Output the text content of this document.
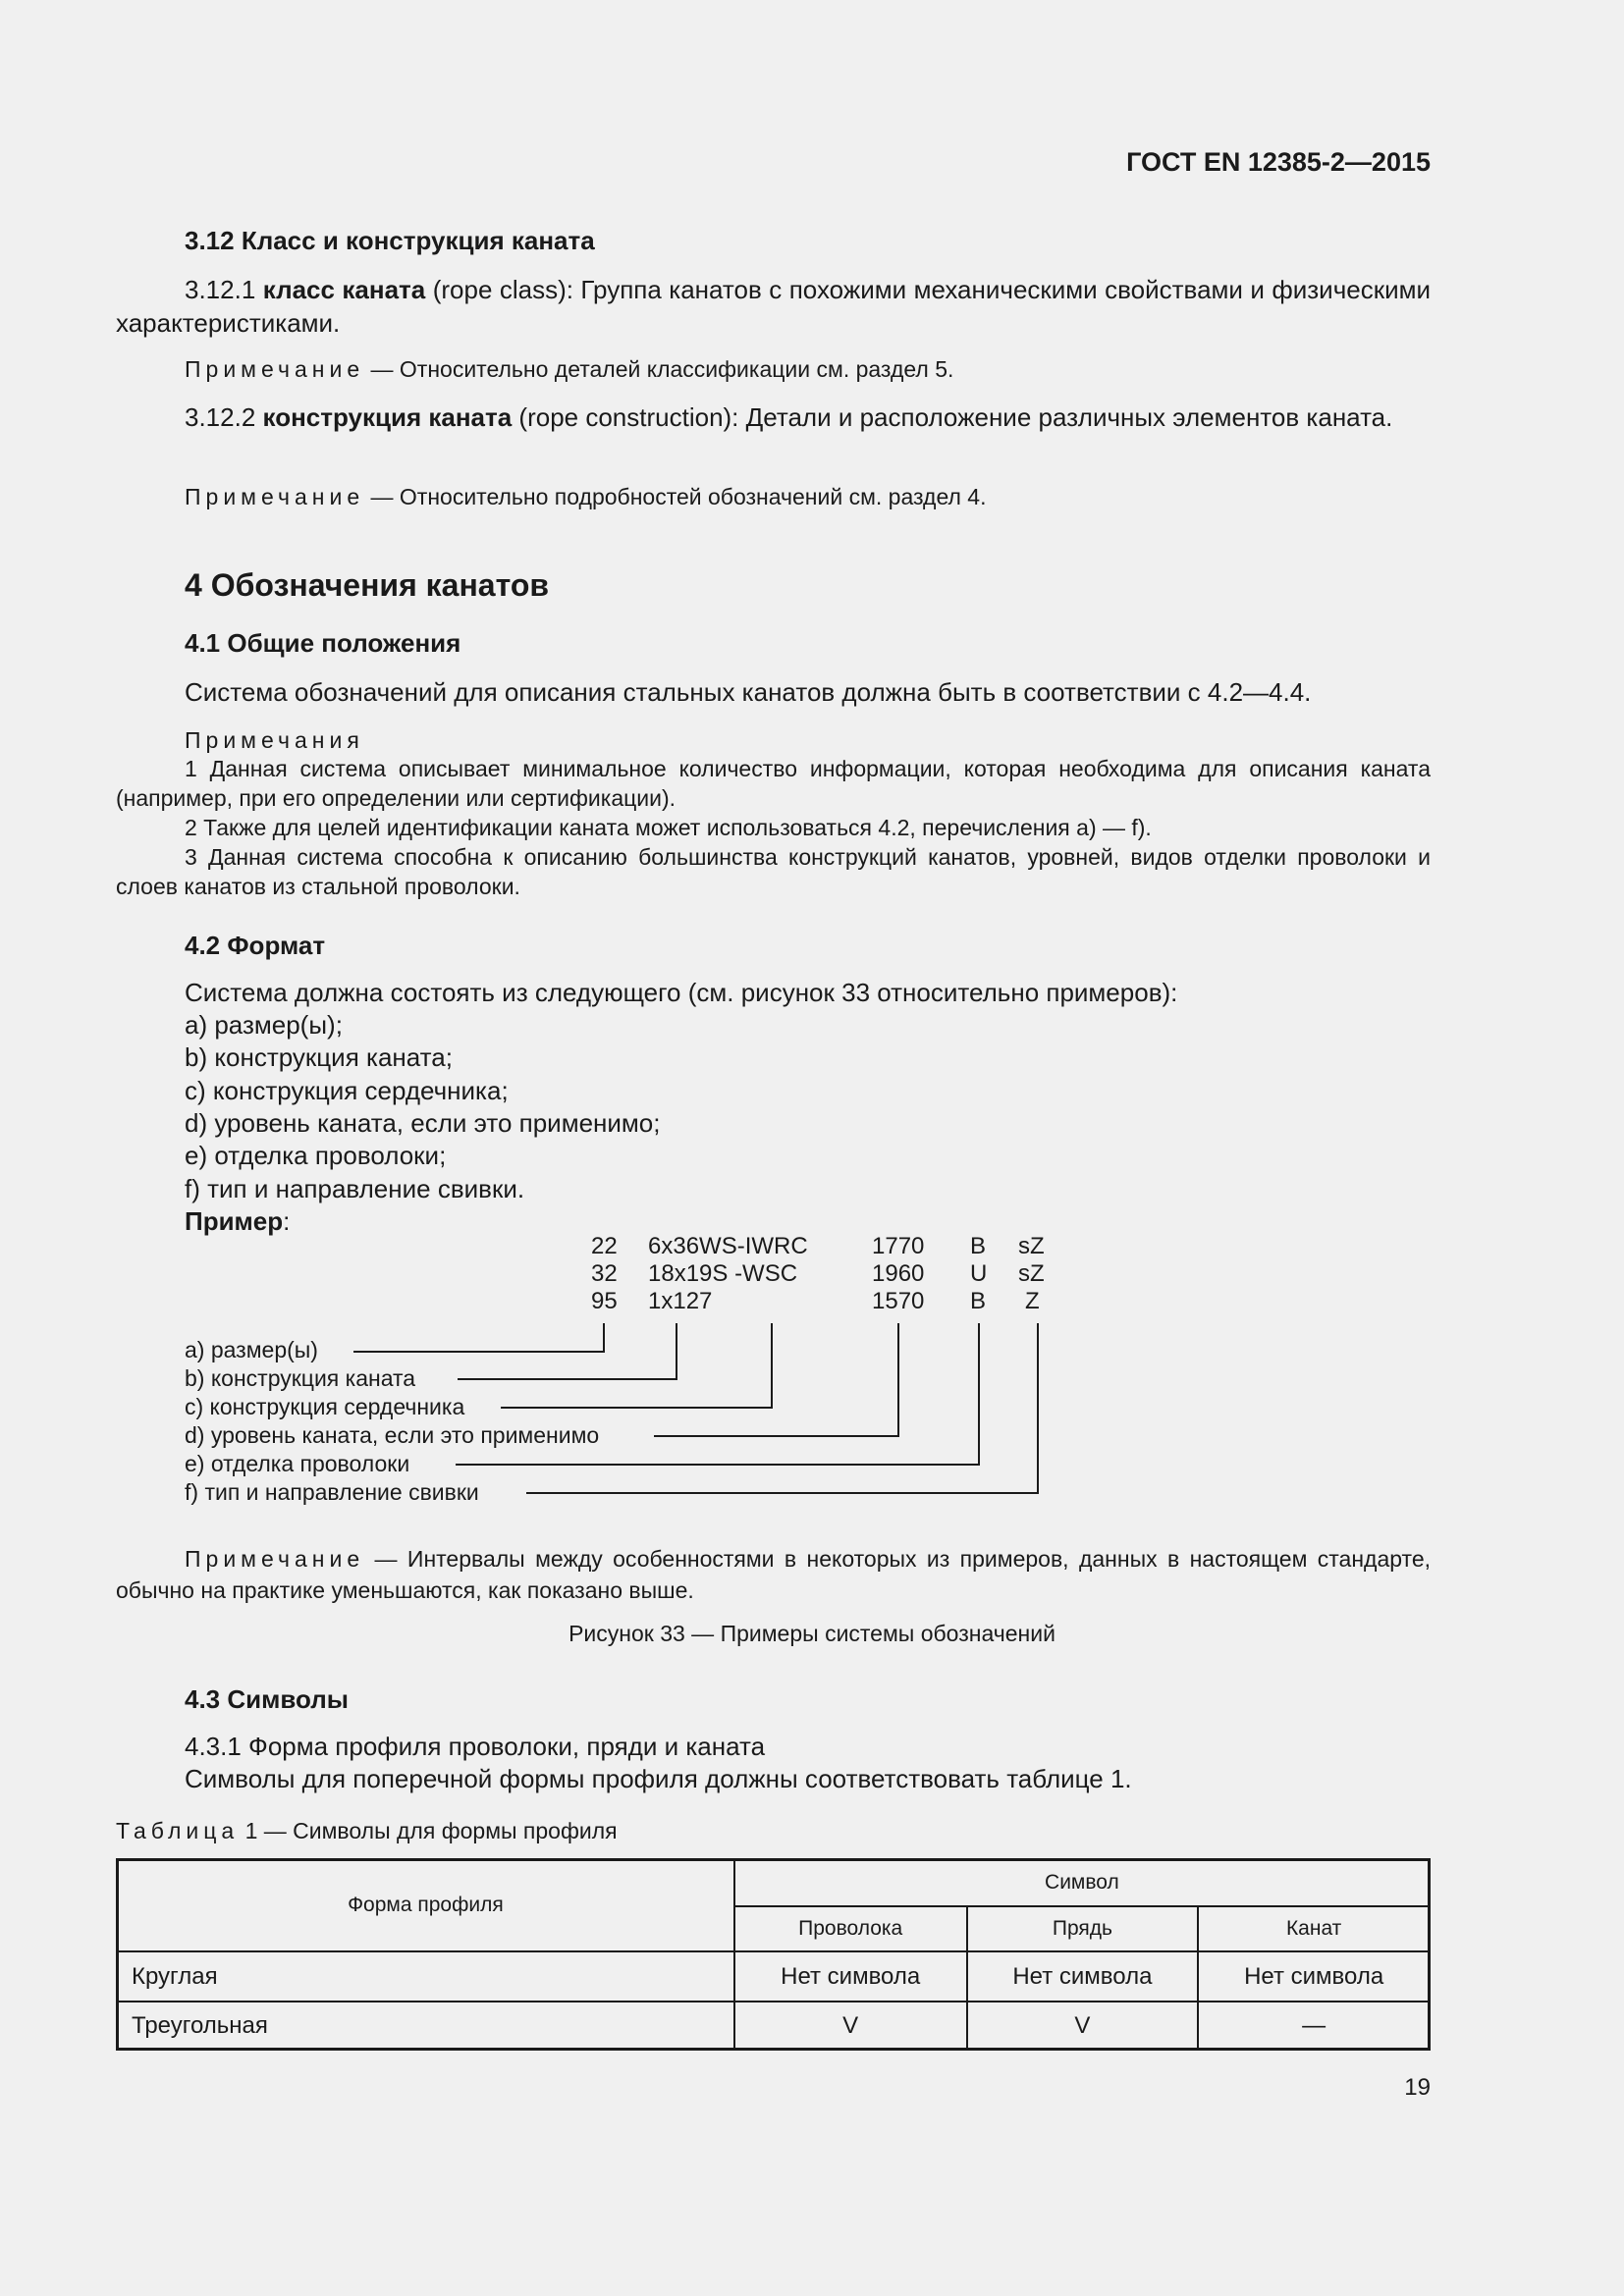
ГОСТ EN 12385-2—2015
3.12 Класс и конструкция каната
3.12.1 класс каната (rope class): Группа канатов с похожими механическими свойствами и физическими характеристиками.
Примечание — Относительно деталей классификации см. раздел 5.
3.12.2 конструкция каната (rope construction): Детали и расположение различных элементов каната.
Примечание — Относительно подробностей обозначений см. раздел 4.
4 Обозначения канатов
4.1 Общие положения
Система обозначений для описания стальных канатов должна быть в соответствии с 4.2—4.4.
Примечания
1 Данная система описывает минимальное количество информации, которая необходима для описания каната (например, при его определении или сертификации).
2 Также для целей идентификации каната может использоваться 4.2, перечисления а) — f).
3 Данная система способна к описанию большинства конструкций канатов, уровней, видов отделки проволоки и слоев канатов из стальной проволоки.
4.2 Формат
Система должна состоять из следующего (см. рисунок 33 относительно примеров):
а) размер(ы);
b) конструкция каната;
c) конструкция сердечника;
d) уровень каната, если это применимо;
e) отделка проволоки;
f) тип и направление свивки.
Пример:
22 6x36WS-IWRC	1770 B sZ
32 18x19S -WSC	1960 U sZ
95 1x127	1570 B Z
а) размер(ы)
b) конструкция каната
c) конструкция сердечника
d) уровень каната, если это применимо
e) отделка проволоки
f) тип и направление свивки
Примечание — Интервалы между особенностями в некоторых из примеров, данных в настоящем стандарте, обычно на практике уменьшаются, как показано выше.
Рисунок 33 — Примеры системы обозначений
4.3 Символы
4.3.1 Форма профиля проволоки, пряди и каната
Символы для поперечной формы профиля должны соответствовать таблице 1.
Таблица 1 — Символы для формы профиля
Форма профиля	Символ		
	Проволока	Прядь	Канат
Круглая	Нет символа	Нет символа	Нет символа
Треугольная	V	V	—
19
